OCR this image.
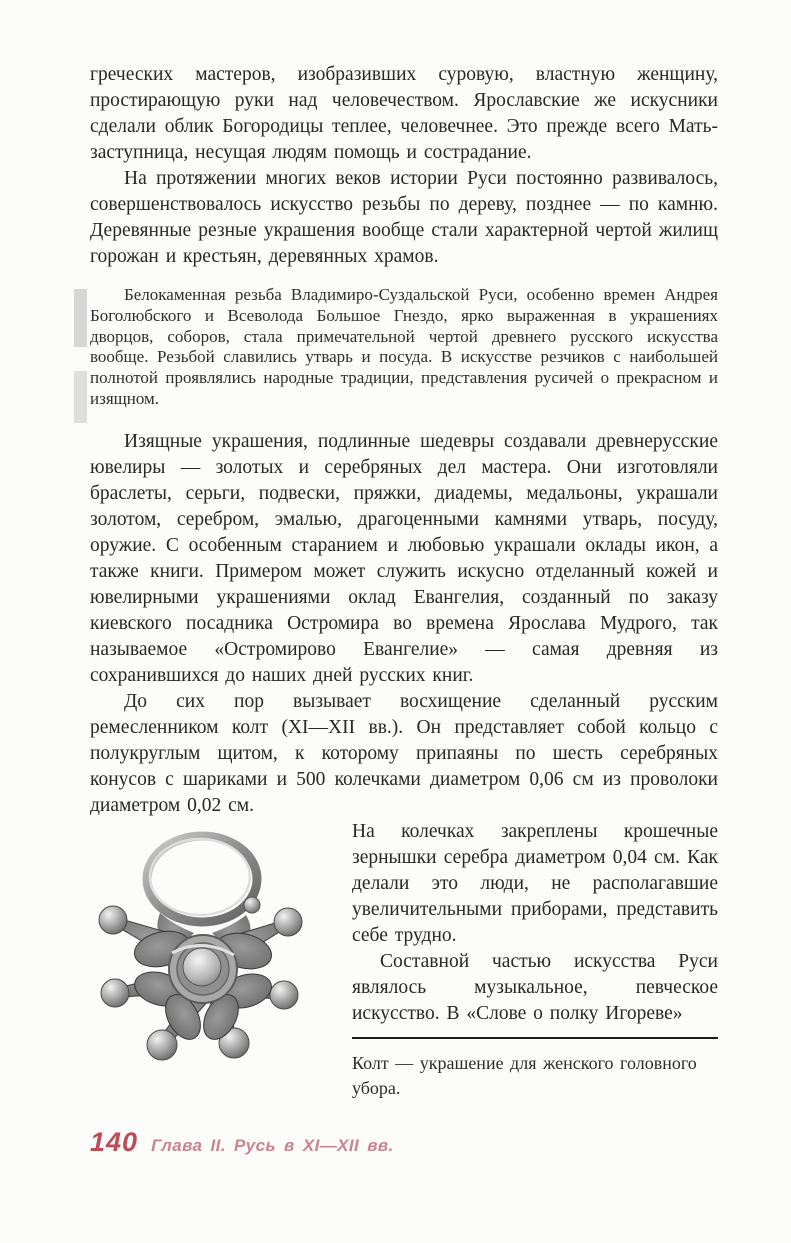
греческих мастеров, изобразивших суровую, властную женщину, простирающую руки над человечеством. Ярославские же искусники сделали облик Богородицы теплее, человечнее. Это прежде всего Мать-заступница, несущая людям помощь и сострадание.

На протяжении многих веков истории Руси постоянно развивалось, совершенствовалось искусство резьбы по дереву, позднее — по камню. Деревянные резные украшения вообще стали характерной чертой жилищ горожан и крестьян, деревянных храмов.

Белокаменная резьба Владимиро-Суздальской Руси, особенно времен Андрея Боголюбского и Всеволода Большое Гнездо, ярко выраженная в украшениях дворцов, соборов, стала примечательной чертой древнего русского искусства вообще. Резьбой славились утварь и посуда. В искусстве резчиков с наибольшей полнотой проявлялись народные традиции, представления русичей о прекрасном и изящном.

Изящные украшения, подлинные шедевры создавали древнерусские ювелиры — золотых и серебряных дел мастера. Они изготовляли браслеты, серьги, подвески, пряжки, диадемы, медальоны, украшали золотом, серебром, эмалью, драгоценными камнями утварь, посуду, оружие. С особенным старанием и любовью украшали оклады икон, а также книги. Примером может служить искусно отделанный кожей и ювелирными украшениями оклад Евангелия, созданный по заказу киевского посадника Остромира во времена Ярослава Мудрого, так называемое «Остромирово Евангелие» — самая древняя из сохранившихся до наших дней русских книг.

До сих пор вызывает восхищение сделанный русским ремесленником колт (XI—XII вв.). Он представляет собой кольцо с полукруглым щитом, к которому припаяны по шесть серебряных конусов с шариками и 500 колечками диаметром 0,06 см из проволоки диаметром 0,02 см.

На колечках закреплены крошечные зернышки серебра диаметром 0,04 см. Как делали это люди, не располагавшие увеличительными приборами, представить себе трудно.

Составной частью искусства Руси являлось музыкальное, певческое искусство. В «Слове о полку Игореве»

Колт — украшение для женского головного убора.

140 Глава II. Русь в XI—XII вв.
